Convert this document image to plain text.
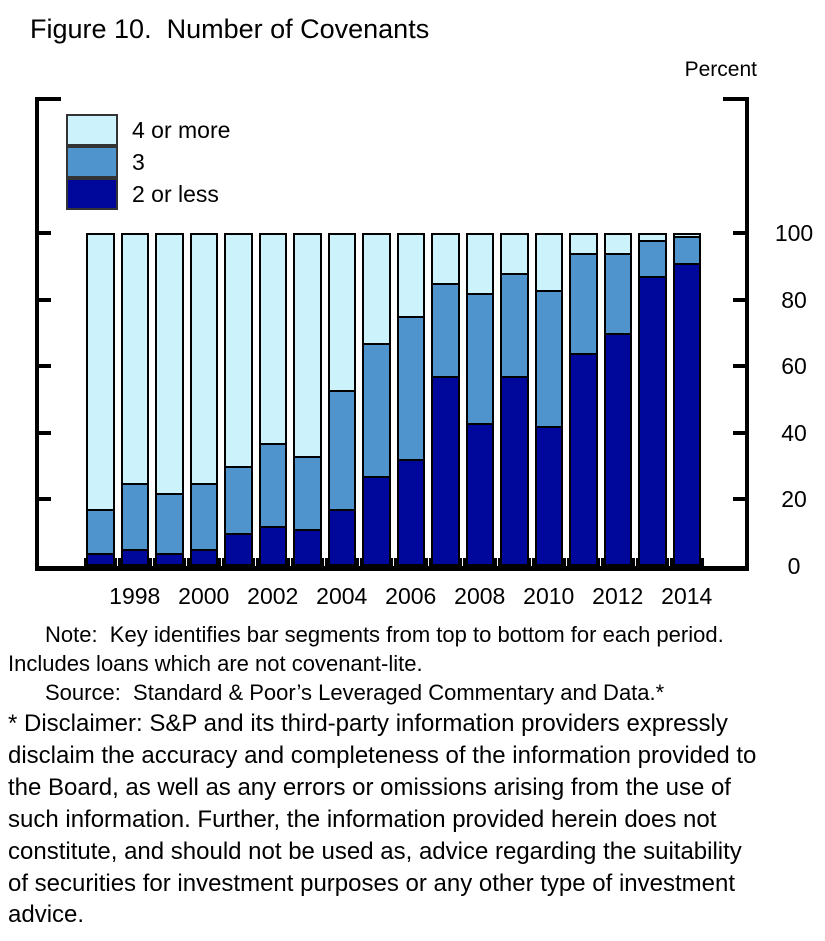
Figure 10.  Number of Covenants
Percent
4 or more
3
2 or less
1998 2000 2002 2004 2006 2008 2010 2012 2014
100
80
60
40
20
0

Note:  Key identifies bar segments from top to bottom for each period. Includes loans which are not covenant-lite.

Source:  Standard & Poor’s Leveraged Commentary and Data.*

* Disclaimer: S&P and its third-party information providers expressly disclaim the accuracy and completeness of the information provided to the Board, as well as any errors or omissions arising from the use of such information. Further, the information provided herein does not constitute, and should not be used as, advice regarding the suitability of securities for investment purposes or any other type of investment advice.
